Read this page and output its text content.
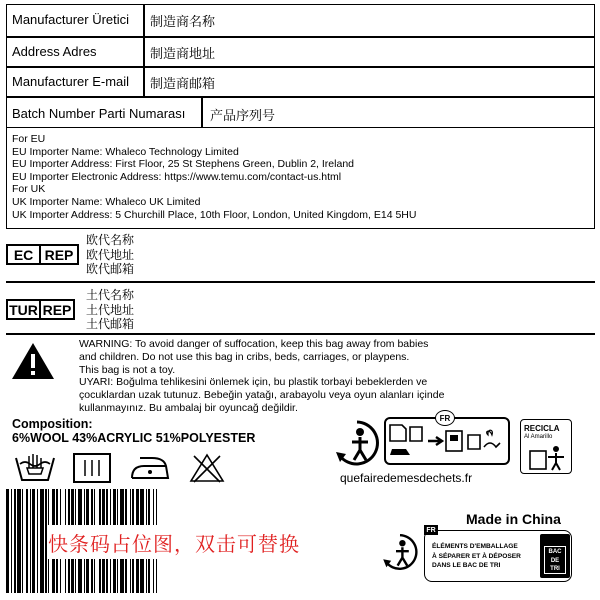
Manufacturer Üretici 制造商名称
Address Adres	制造商地址
Manufacturer E-mail 制造商邮箱
Batch Number Parti Numarası 产品序列号
For EU
EU Importer Name: Whaleco Technology Limited
EU Importer Address: First Floor, 25 St Stephens Green, Dublin 2, Ireland
EU Importer Electronic Address: https://www.temu.com/contact-us.html
For UK
UK Importer Name: Whaleco UK Limited
UK Importer Address: 5 Churchill Place, 10th Floor, London, United Kingdom, E14 5HU
EC REP
欧代名称
欧代地址
欧代邮箱
TUR REP
土代名称
土代地址
土代邮箱
WARNING: To avoid danger of suffocation, keep this bag away from babies
and children. Do not use this bag in cribs, beds, carriages, or playpens.
This bag is not a toy.
UYARI: Boğulma tehlikesini önlemek için, bu plastik torbayi bebeklerden ve
çocuklardan uzak tutunuz. Bebeğin yatağı, arabayolu veya oyun alanları içinde
kullanmayınız. Bu ambalaj bir oyuncağ değildir.
Composition:
6%WOOL 43%ACRYLIC 51%POLYESTER
FR
quefairedemesdechets.fr
RECICLA
Al Amarillo
快条码占位图，双击可替换
Made in China
FR
ÉLÉMENTS D'EMBALLAGE
À SÉPARER ET À DÉPOSER
DANS LE BAC DE TRI
BAC
DE
TRI
